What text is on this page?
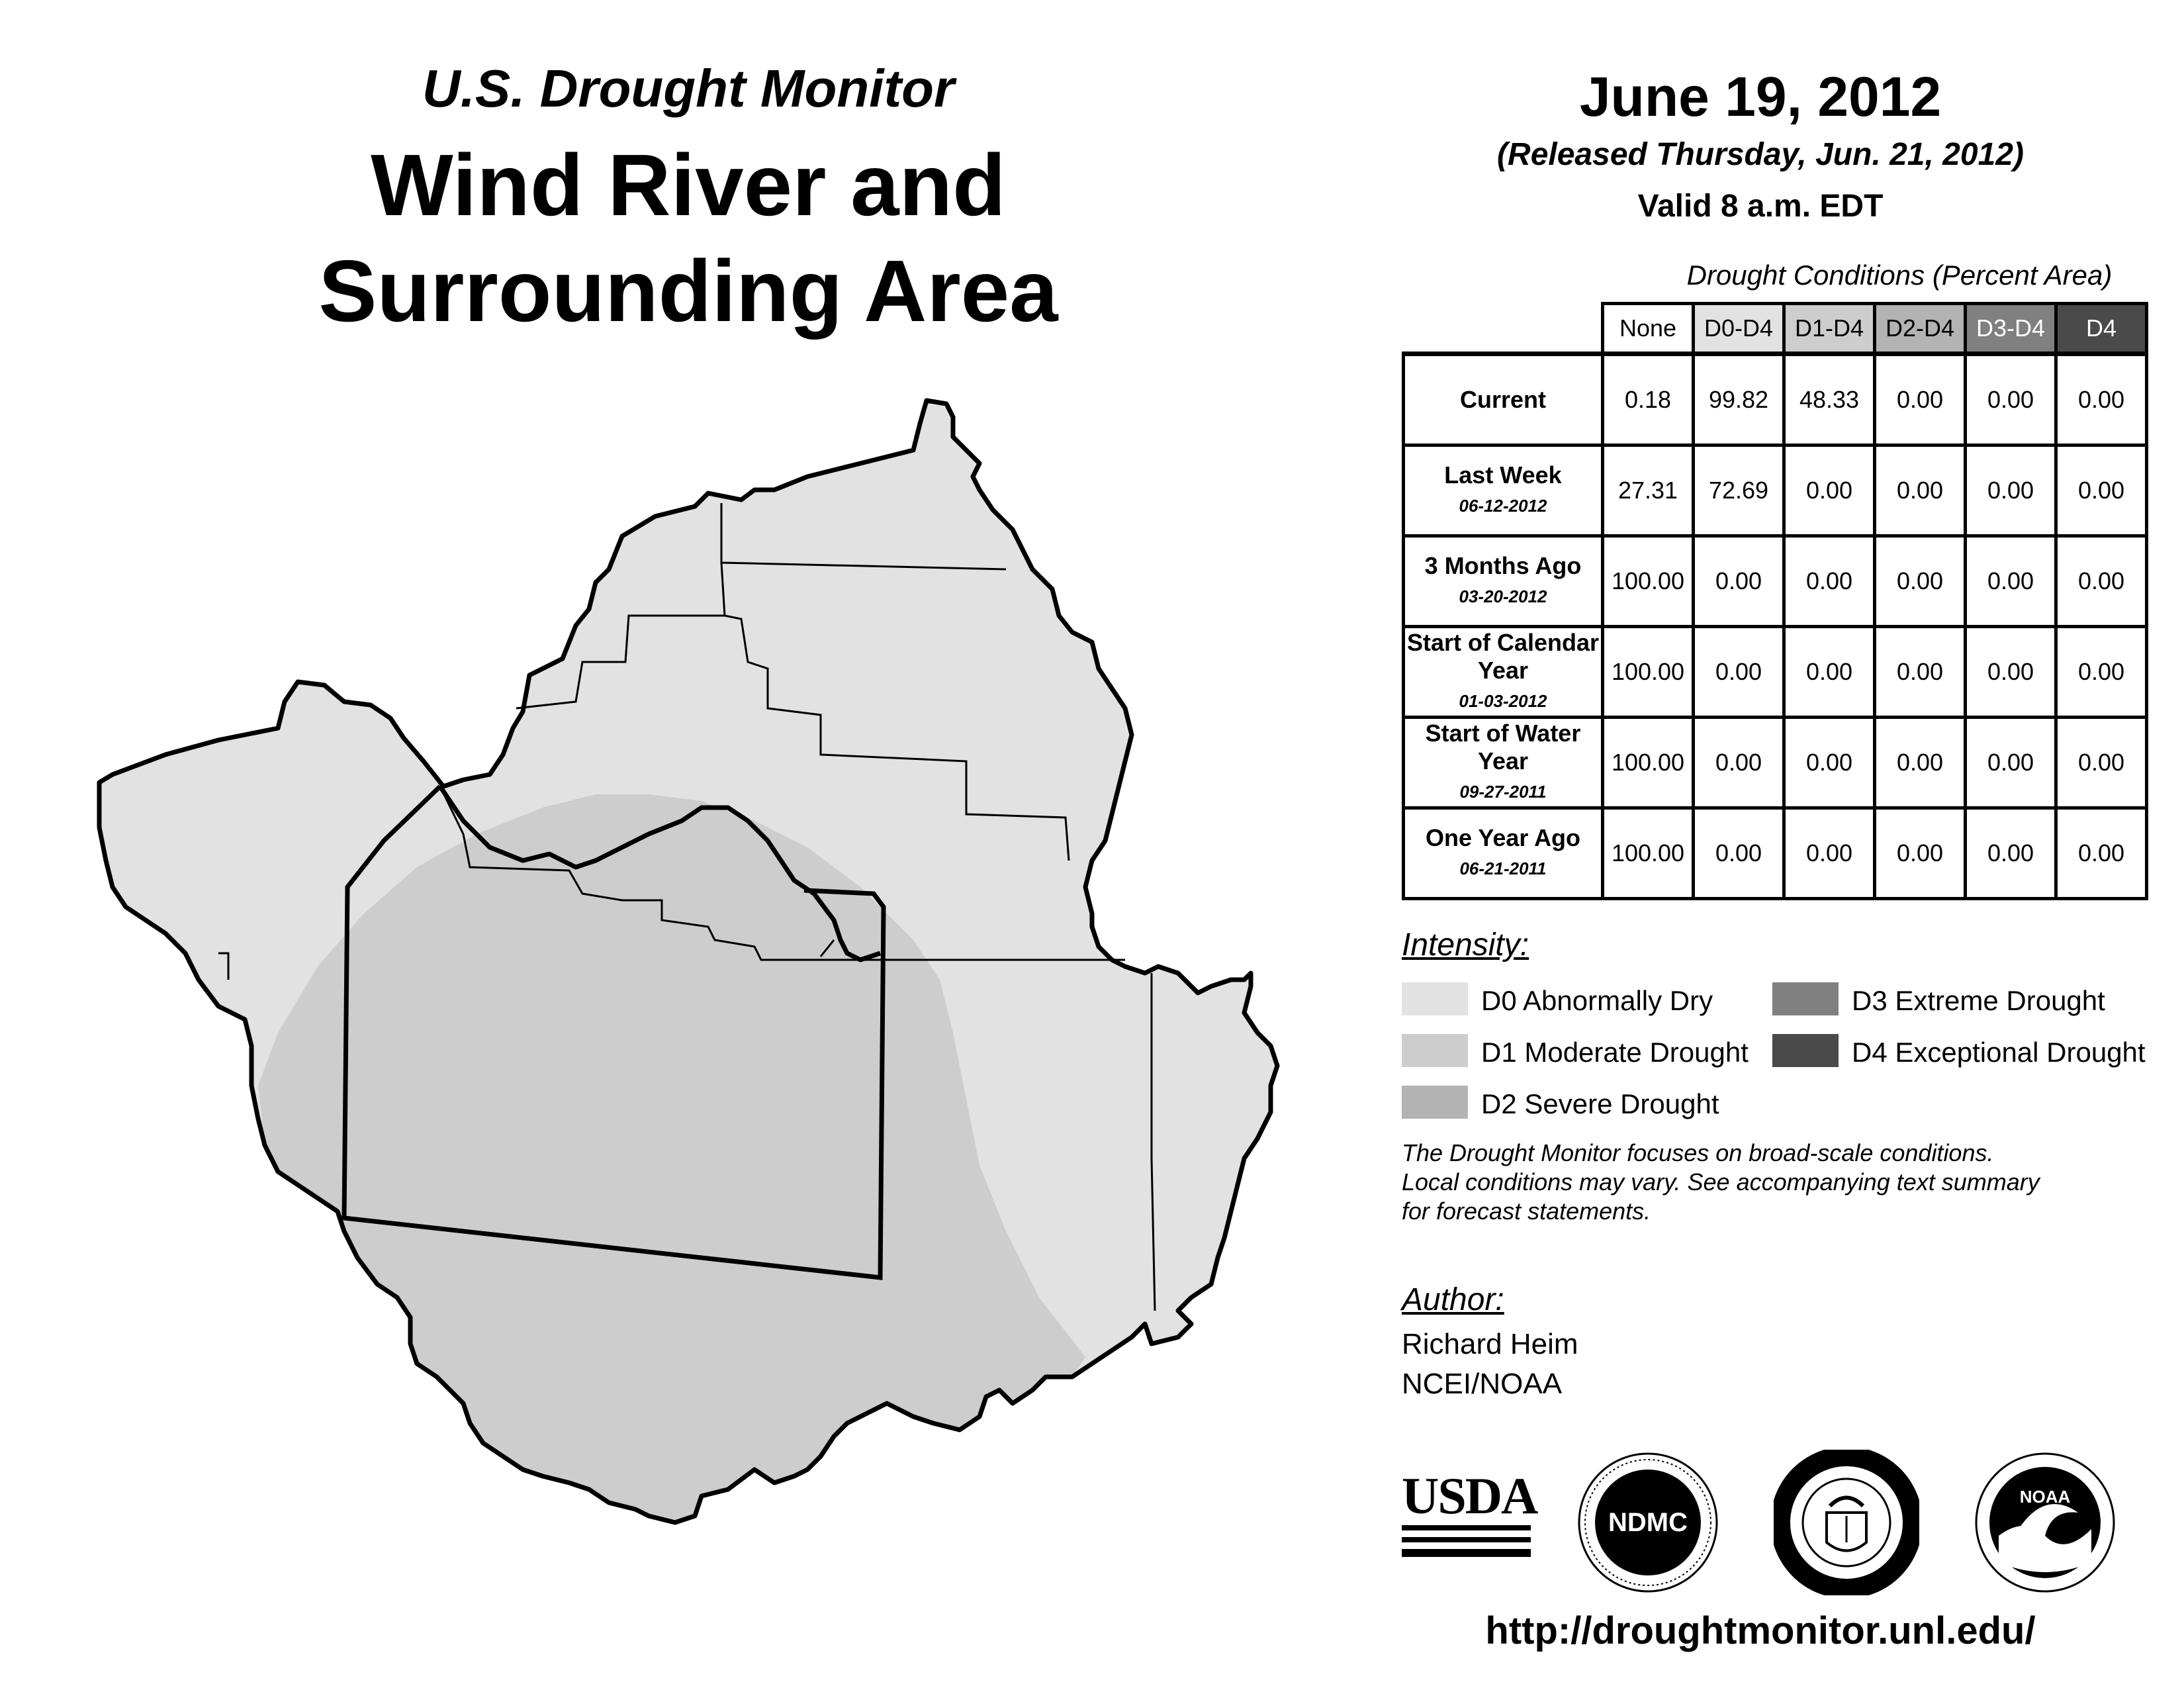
U.S. Drought Monitor
Wind River and
Surrounding Area
June 19, 2012
(Released Thursday, Jun. 21, 2012)
Valid 8 a.m. EDT
Drought Conditions (Percent Area)
	None	D0-D4	D1-D4	D2-D4	D3-D4	D4
Current	0.18	99.82	48.33	0.00	0.00	0.00
Last Week
06-12-2012	27.31	72.69	0.00	0.00	0.00	0.00
3 Months Ago
03-20-2012	100.00	0.00	0.00	0.00	0.00	0.00
Start of Calendar Year
01-03-2012	100.00	0.00	0.00	0.00	0.00	0.00
Start of Water Year
09-27-2011	100.00	0.00	0.00	0.00	0.00	0.00
One Year Ago
06-21-2011	100.00	0.00	0.00	0.00	0.00	0.00
Intensity:
D0 Abnormally Dry
D1 Moderate Drought
D2 Severe Drought
D3 Extreme Drought
D4 Exceptional Drought
The Drought Monitor focuses on broad-scale conditions.
Local conditions may vary. See accompanying text summary
for forecast statements.
Author:
Richard Heim
NCEI/NOAA
USDA	NDMC
NOAA
http://droughtmonitor.unl.edu/
